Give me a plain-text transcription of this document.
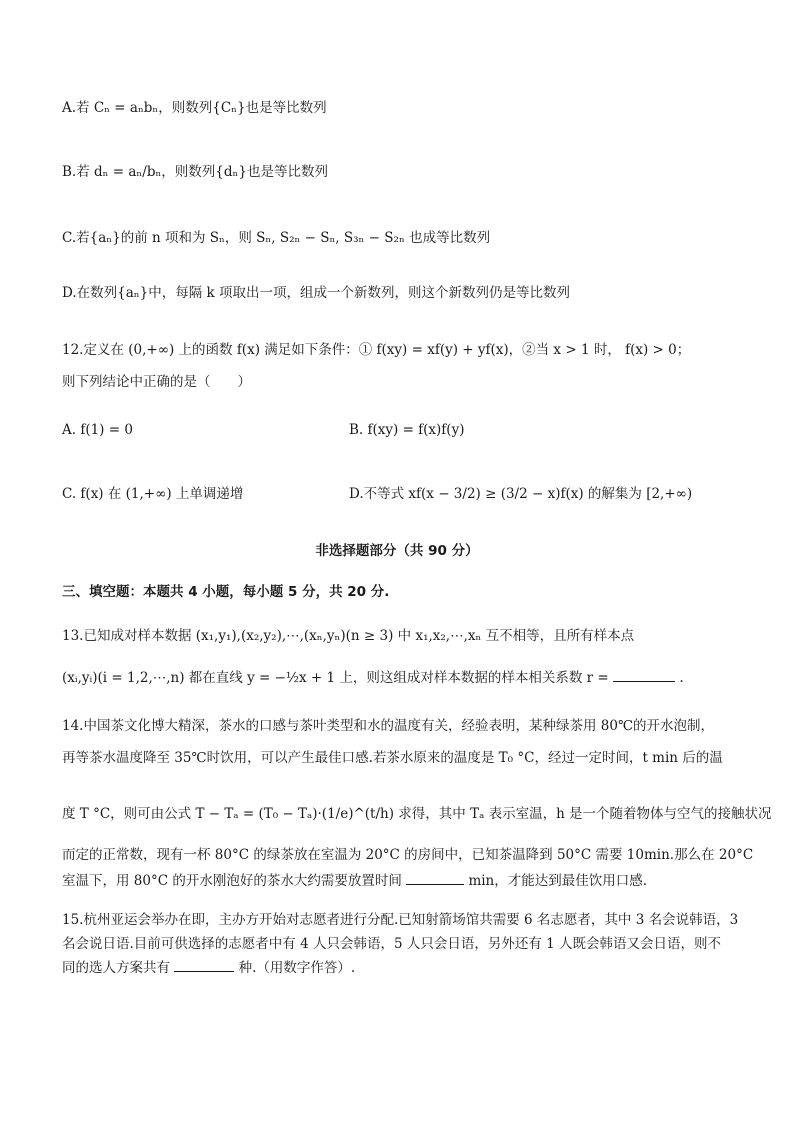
A.若 Cₙ = aₙbₙ，则数列{Cₙ}也是等比数列
B.若 dₙ = aₙ/bₙ，则数列{dₙ}也是等比数列
C.若{aₙ}的前 n 项和为 Sₙ，则 Sₙ, S₂ₙ − Sₙ, S₃ₙ − S₂ₙ 也成等比数列
D.在数列{aₙ}中，每隔 k 项取出一项，组成一个新数列，则这个新数列仍是等比数列
12.定义在 (0,+∞) 上的函数 f(x) 满足如下条件：① f(xy) = xf(y) + yf(x)，②当 x > 1 时， f(x) > 0；
则下列结论中正确的是（　　）
A. f(1) = 0	B. f(xy) = f(x)f(y)
C. f(x) 在 (1,+∞) 上单调递增	D.不等式 xf(x − 3/2) ≥ (3/2 − x)f(x) 的解集为 [2,+∞)
非选择题部分（共 90 分）
三、填空题：本题共 4 小题，每小题 5 分，共 20 分.
13.已知成对样本数据 (x₁,y₁),(x₂,y₂),⋯,(xₙ,yₙ)(n ≥ 3) 中 x₁,x₂,⋯,xₙ 互不相等，且所有样本点
(xᵢ,yᵢ)(i = 1,2,⋯,n) 都在直线 y = −½x + 1 上，则这组成对样本数据的样本相关系数 r =	.
14.中国茶文化博大精深，茶水的口感与茶叶类型和水的温度有关，经验表明，某种绿茶用 80℃的开水泡制，
再等茶水温度降至 35℃时饮用，可以产生最佳口感.若茶水原来的温度是 T₀ °C，经过一定时间，t min 后的温
度 T °C，则可由公式 T − Tₐ = (T₀ − Tₐ)·(1/e)^(t/h) 求得，其中 Tₐ 表示室温，h 是一个随着物体与空气的接触状况
而定的正常数，现有一杯 80°C 的绿茶放在室温为 20°C 的房间中，已知茶温降到 50°C 需要 10min.那么在 20°C
室温下，用 80°C 的开水刚泡好的茶水大约需要放置时间	min，才能达到最佳饮用口感.
15.杭州亚运会举办在即，主办方开始对志愿者进行分配.已知射箭场馆共需要 6 名志愿者，其中 3 名会说韩语，3
名会说日语.目前可供选择的志愿者中有 4 人只会韩语，5 人只会日语，另外还有 1 人既会韩语又会日语，则不
同的选人方案共有	种.（用数字作答）.
